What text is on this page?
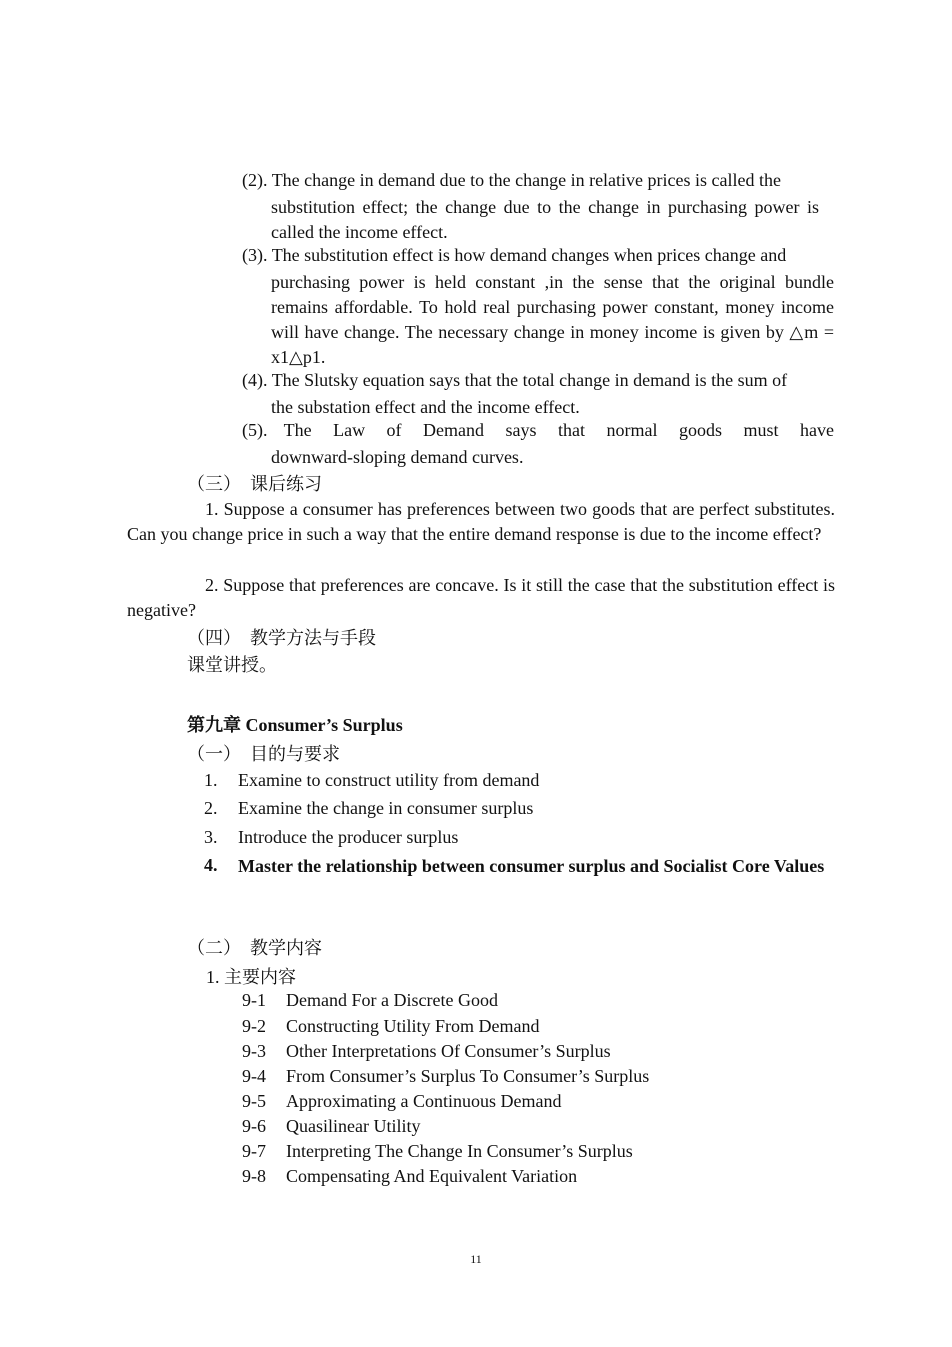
(2). The change in demand due to the change in relative prices is called the
substitution effect; the change due to the change in purchasing power is called the income effect.
(3). The substitution effect is how demand changes when prices change and
purchasing power is held constant ,in the sense that the original bundle remains affordable. To hold real purchasing power constant, money income will have change. The necessary change in money income is given by △m = x1△p1.
(4). The Slutsky equation says that the total change in demand is the sum of
the substation effect and the income effect.
(5). The Law of Demand says that normal goods must have
downward-sloping demand curves.
（三）　课后练习
1. Suppose a consumer has preferences between two goods that are perfect substitutes. Can you change price in such a way that the entire demand response is due to the income effect?
2. Suppose that preferences are concave. Is it still the case that the substitution effect is negative?
（四）　教学方法与手段
课堂讲授。
第九章 Consumer’s Surplus
（一）　目的与要求
1. Examine to construct utility from demand
2. Examine the change in consumer surplus
3. Introduce the producer surplus
4. Master the relationship between consumer surplus and Socialist Core Values
（二）　教学内容
1. 主要内容
9-1 Demand For a Discrete Good
9-2 Constructing Utility From Demand
9-3 Other Interpretations Of Consumer’s Surplus
9-4 From Consumer’s Surplus To Consumer’s Surplus
9-5 Approximating a Continuous Demand
9-6 Quasilinear Utility
9-7 Interpreting The Change In Consumer’s Surplus
9-8 Compensating And Equivalent Variation
11
